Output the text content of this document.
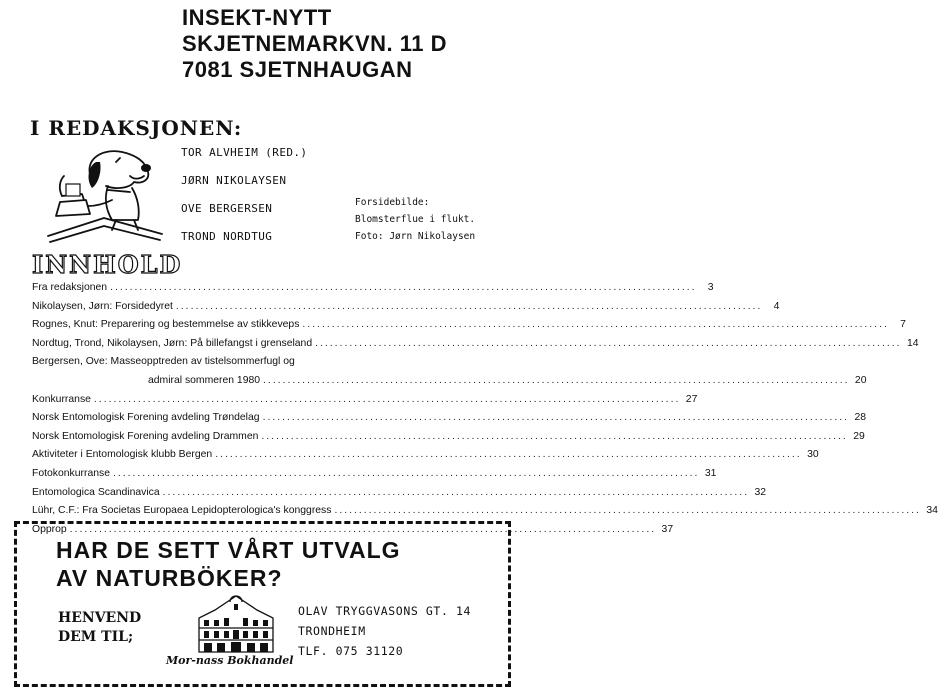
INSEKT-NYTT
SKJETNEMARKVN. 11 D
7081 SJETNHAUGAN
I REDAKSJONEN:
TOR ALVHEIM (RED.)
JØRN NIKOLAYSEN
OVE BERGERSEN
TROND NORDTUG
Forsidebilde:
Blomsterflue i flukt.
Foto: Jørn Nikolaysen
INNHOLD
Fra redaksjonen ........................................................................................................................	3
Nikolaysen, Jørn: Forsidedyret ........................................................................................................................	4
Rognes, Knut: Preparering og bestemmelse av stikkeveps ........................................................................................................................	7
Nordtug, Trond, Nikolaysen, Jørn: På billefangst i grenseland ........................................................................................................................ 14
Bergersen, Ove: Masseopptreden av tistelsommerfugl og
admiral sommeren 1980 ........................................................................................................................ 20
Konkurranse ........................................................................................................................ 27
Norsk Entomologisk Forening avdeling Trøndelag ........................................................................................................................ 28
Norsk Entomologisk Forening avdeling Drammen ........................................................................................................................ 29
Aktiviteter i Entomologisk klubb Bergen ........................................................................................................................ 30
Fotokonkurranse ........................................................................................................................ 31
Entomologica Scandinavica ........................................................................................................................ 32
Lühr, C.F.: Fra Societas Europaea Lepidopterologica's konggress ........................................................................................................................ 34
Opprop ........................................................................................................................ 37
HAR DE SETT VÅRT UTVALG
AV NATURBÖKER?
HENVEND
DEM TIL;
Mor-nass Bokhandel
OLAV TRYGGVASONS GT. 14
TRONDHEIM
TLF. 075 31120
